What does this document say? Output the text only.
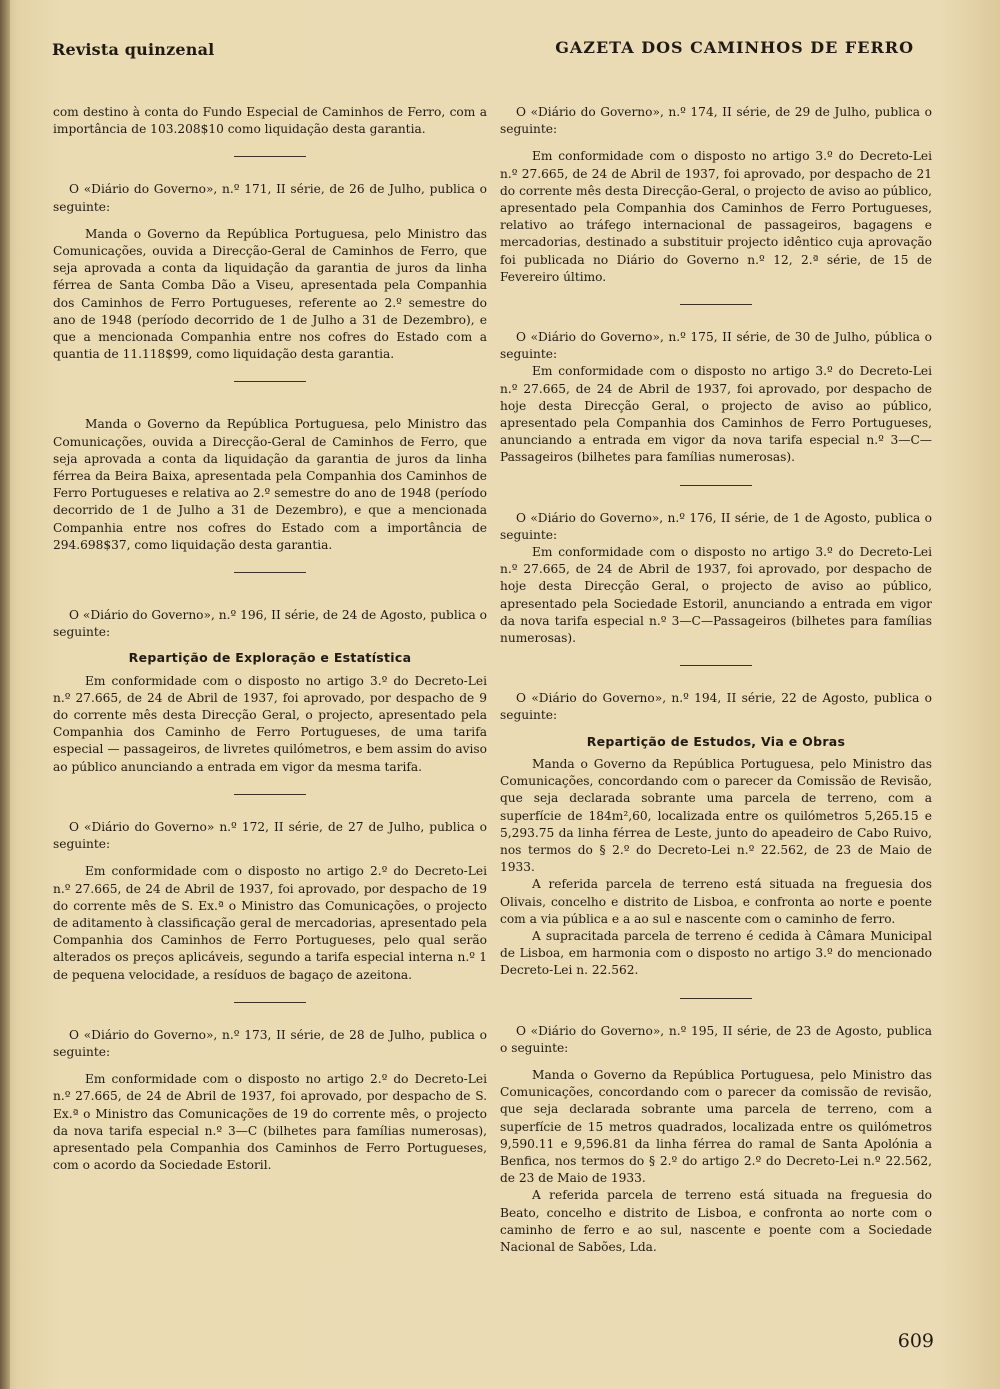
Revista quinzenal	GAZETA DOS CAMINHOS DE FERRO

com destino à conta do Fundo Especial de Caminhos de Ferro, com a importância de 103.208$10 como liquidação desta garantia.

O «Diário do Governo», n.º 171, II série, de 26 de Julho, publica o seguinte:

Manda o Governo da República Portuguesa, pelo Ministro das Comunicações, ouvida a Direcção-Geral de Caminhos de Ferro, que seja aprovada a conta da liquidação da garantia de juros da linha férrea de Santa Comba Dão a Viseu, apresentada pela Companhia dos Caminhos de Ferro Portugueses, referente ao 2.º semestre do ano de 1948 (período decorrido de 1 de Julho a 31 de Dezembro), e que a mencionada Companhia entre nos cofres do Estado com a quantia de 11.118$99, como liquidação desta garantia.

Manda o Governo da República Portuguesa, pelo Ministro das Comunicações, ouvida a Direcção-Geral de Caminhos de Ferro, que seja aprovada a conta da liquidação da garantia de juros da linha férrea da Beira Baixa, apresentada pela Companhia dos Caminhos de Ferro Portugueses e relativa ao 2.º semestre do ano de 1948 (período decorrido de 1 de Julho a 31 de Dezembro), e que a mencionada Companhia entre nos cofres do Estado com a importância de 294.698$37, como liquidação desta garantia.

O «Diário do Governo», n.º 196, II série, de 24 de Agosto, publica o seguinte:

Repartição de Exploração e Estatística

Em conformidade com o disposto no artigo 3.º do Decreto-Lei n.º 27.665, de 24 de Abril de 1937, foi aprovado, por despacho de 9 do corrente mês desta Direcção Geral, o projecto, apresentado pela Companhia dos Caminho de Ferro Portugueses, de uma tarifa especial — passageiros, de livretes quilómetros, e bem assim do aviso ao público anunciando a entrada em vigor da mesma tarifa.

O «Diário do Governo» n.º 172, II série, de 27 de Julho, publica o seguinte:

Em conformidade com o disposto no artigo 2.º do Decreto-Lei n.º 27.665, de 24 de Abril de 1937, foi aprovado, por despacho de 19 do corrente mês de S. Ex.ª o Ministro das Comunicações, o projecto de aditamento à classificação geral de mercadorias, apresentado pela Companhia dos Caminhos de Ferro Portugueses, pelo qual serão alterados os preços aplicáveis, segundo a tarifa especial interna n.º 1 de pequena velocidade, a resíduos de bagaço de azeitona.

O «Diário do Governo», n.º 173, II série, de 28 de Julho, publica o seguinte:

Em conformidade com o disposto no artigo 2.º do Decreto-Lei n.º 27.665, de 24 de Abril de 1937, foi aprovado, por despacho de S. Ex.ª o Ministro das Comunicações de 19 do corrente mês, o projecto da nova tarifa especial n.º 3—C (bilhetes para famílias numerosas), apresentado pela Companhia dos Caminhos de Ferro Portugueses, com o acordo da Sociedade Estoril.

O «Diário do Governo», n.º 174, II série, de 29 de Julho, publica o seguinte:

Em conformidade com o disposto no artigo 3.º do Decreto-Lei n.º 27.665, de 24 de Abril de 1937, foi aprovado, por despacho de 21 do corrente mês desta Direcção-Geral, o projecto de aviso ao público, apresentado pela Companhia dos Caminhos de Ferro Portugueses, relativo ao tráfego internacional de passageiros, bagagens e mercadorias, destinado a substituir projecto idêntico cuja aprovação foi publicada no Diário do Governo n.º 12, 2.ª série, de 15 de Fevereiro último.

O «Diário do Governo», n.º 175, II série, de 30 de Julho, pública o seguinte:

Em conformidade com o disposto no artigo 3.º do Decreto-Lei n.º 27.665, de 24 de Abril de 1937, foi aprovado, por despacho de hoje desta Direcção Geral, o projecto de aviso ao público, apresentado pela Companhia dos Caminhos de Ferro Portugueses, anunciando a entrada em vigor da nova tarifa especial n.º 3—C—Passageiros (bilhetes para famílias numerosas).

O «Diário do Governo», n.º 176, II série, de 1 de Agosto, publica o seguinte:

Em conformidade com o disposto no artigo 3.º do Decreto-Lei n.º 27.665, de 24 de Abril de 1937, foi aprovado, por despacho de hoje desta Direcção Geral, o projecto de aviso ao público, apresentado pela Sociedade Estoril, anunciando a entrada em vigor da nova tarifa especial n.º 3—C—Passageiros (bilhetes para famílias numerosas).

O «Diário do Governo», n.º 194, II série, 22 de Agosto, publica o seguinte:

Repartição de Estudos, Via e Obras

Manda o Governo da República Portuguesa, pelo Ministro das Comunicações, concordando com o parecer da Comissão de Revisão, que seja declarada sobrante uma parcela de terreno, com a superfície de 184m²,60, localizada entre os quilómetros 5,265.15 e 5,293.75 da linha férrea de Leste, junto do apeadeiro de Cabo Ruivo, nos termos do § 2.º do Decreto-Lei n.º 22.562, de 23 de Maio de 1933.

A referida parcela de terreno está situada na freguesia dos Olivais, concelho e distrito de Lisboa, e confronta ao norte e poente com a via pública e a ao sul e nascente com o caminho de ferro.

A supracitada parcela de terreno é cedida à Câmara Municipal de Lisboa, em harmonia com o disposto no artigo 3.º do mencionado Decreto-Lei n. 22.562.

O «Diário do Governo», n.º 195, II série, de 23 de Agosto, publica o seguinte:

Manda o Governo da República Portuguesa, pelo Ministro das Comunicações, concordando com o parecer da comissão de revisão, que seja declarada sobrante uma parcela de terreno, com a superfície de 15 metros quadrados, localizada entre os quilómetros 9,590.11 e 9,596.81 da linha férrea do ramal de Santa Apolónia a Benfica, nos termos do § 2.º do artigo 2.º do Decreto-Lei n.º 22.562, de 23 de Maio de 1933.

A referida parcela de terreno está situada na freguesia do Beato, concelho e distrito de Lisboa, e confronta ao norte com o caminho de ferro e ao sul, nascente e poente com a Sociedade Nacional de Sabões, Lda.

609
